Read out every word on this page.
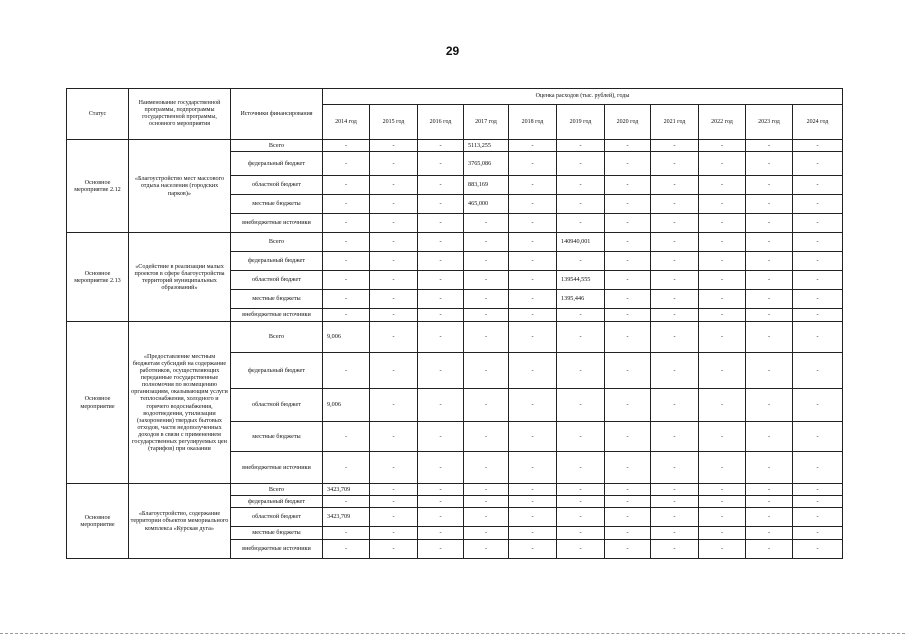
29
Статус	Наименование государственной программы, подпрограммы государственной программы, основного мероприятия	Источники финансирования	Оценка расходов (тыс. рублей), годы										
			2014 год	2015 год	2016 год	2017 год	2018 год	2019 год	2020 год	2021 год	2022 год	2023 год	2024 год
Основное мероприятие 2.12	«Благоустройство мест массового отдыха населения (городских парков)»	Всего	-	-	-	5113,255	-	-	-	-	-	-	-
		федеральный бюджет	-	-	-	3765,086	-	-	-	-	-	-	-
		областной бюджет	-	-	-	883,169	-	-	-	-	-	-	-
		местные бюджеты	-	-	-	465,000	-	-	-	-	-	-	-
		внебюджетные источники	-	-	-	-	-	-	-	-	-	-	-
Основное мероприятие 2.13	«Содействие в реализации малых проектов в сфере благоустройства территорий муниципальных образований»	Всего	-	-	-	-	-	140940,001	-	-	-	-	-
		федеральный бюджет	-	-	-	-	-	-	-	-	-	-	-
		областной бюджет	-	-	-	-	-	139544,555	-	-	-	-	-
		местные бюджеты	-	-	-	-	-	1395,446	-	-	-	-	-
		внебюджетные источники	-	-	-	-	-	-	-	-	-	-	-
Основное мероприятие	«Предоставление местным бюджетам субсидий на содержание работников, осуществляющих переданные государственные полномочия по возмещению организациям, оказывающим услуги теплоснабжения, холодного и горячего водоснабжения, водоотведения, утилизации (захоронения) твердых бытовых отходов, части недополученных доходов в связи с применением государственных регулируемых цен (тарифов) при оказании	Всего	9,006	-	-	-	-	-	-	-	-	-	-
		федеральный бюджет	-	-	-	-	-	-	-	-	-	-	-
		областной бюджет	9,006	-	-	-	-	-	-	-	-	-	-
		местные бюджеты	-	-	-	-	-	-	-	-	-	-	-
		внебюджетные источники	-	-	-	-	-	-	-	-	-	-	-
Основное мероприятие	«Благоустройство, содержание территории объектов мемориального комплекса «Курская дуга»	Всего	3423,709	-	-	-	-	-	-	-	-	-	-
		федеральный бюджет	-	-	-	-	-	-	-	-	-	-	-
		областной бюджет	3423,709	-	-	-	-	-	-	-	-	-	-
		местные бюджеты	-	-	-	-	-	-	-	-	-	-	-
		внебюджетные источники	-	-	-	-	-	-	-	-	-	-	-
